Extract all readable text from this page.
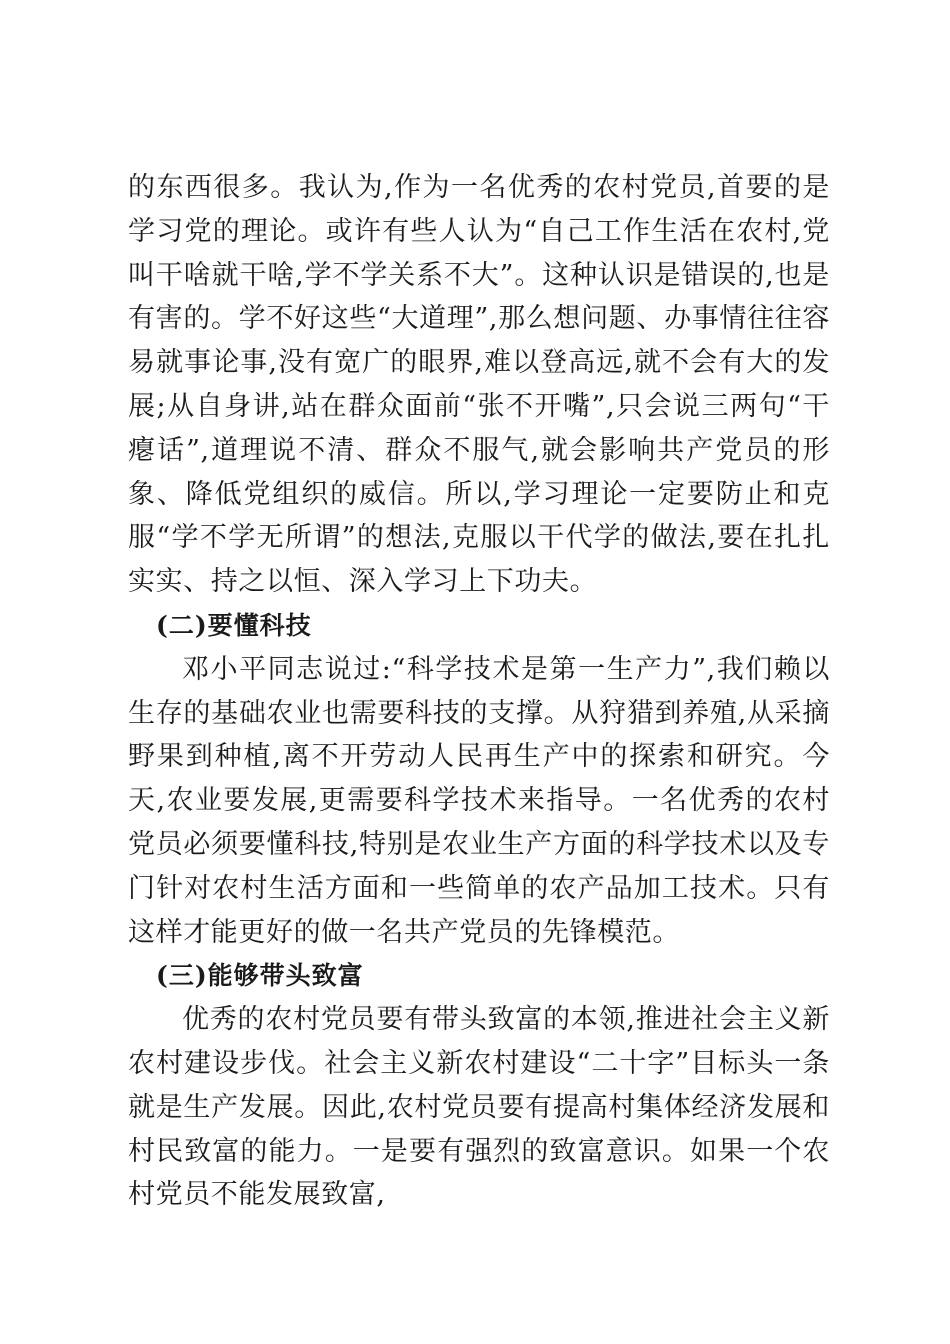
的东西很多。我认为,作为一名优秀的农村党员,首要的是学习党的理论。或许有些人认为“自己工作生活在农村,党叫干啥就干啥,学不学关系不大”。这种认识是错误的,也是有害的。学不好这些“大道理”,那么想问题、办事情往往容易就事论事,没有宽广的眼界,难以登高远,就不会有大的发展;从自身讲,站在群众面前“张不开嘴”,只会说三两句“干瘪话”,道理说不清、群众不服气,就会影响共产党员的形象、降低党组织的威信。所以,学习理论一定要防止和克服“学不学无所谓”的想法,克服以干代学的做法,要在扎扎实实、持之以恒、深入学习上下功夫。

(二)要懂科技

邓小平同志说过:“科学技术是第一生产力”,我们赖以生存的基础农业也需要科技的支撑。从狩猎到养殖,从采摘野果到种植,离不开劳动人民再生产中的探索和研究。今天,农业要发展,更需要科学技术来指导。一名优秀的农村党员必须要懂科技,特别是农业生产方面的科学技术以及专门针对农村生活方面和一些简单的农产品加工技术。只有这样才能更好的做一名共产党员的先锋模范。

(三)能够带头致富

优秀的农村党员要有带头致富的本领,推进社会主义新农村建设步伐。社会主义新农村建设“二十字”目标头一条就是生产发展。因此,农村党员要有提高村集体经济发展和村民致富的能力。一是要有强烈的致富意识。如果一个农村党员不能发展致富,
